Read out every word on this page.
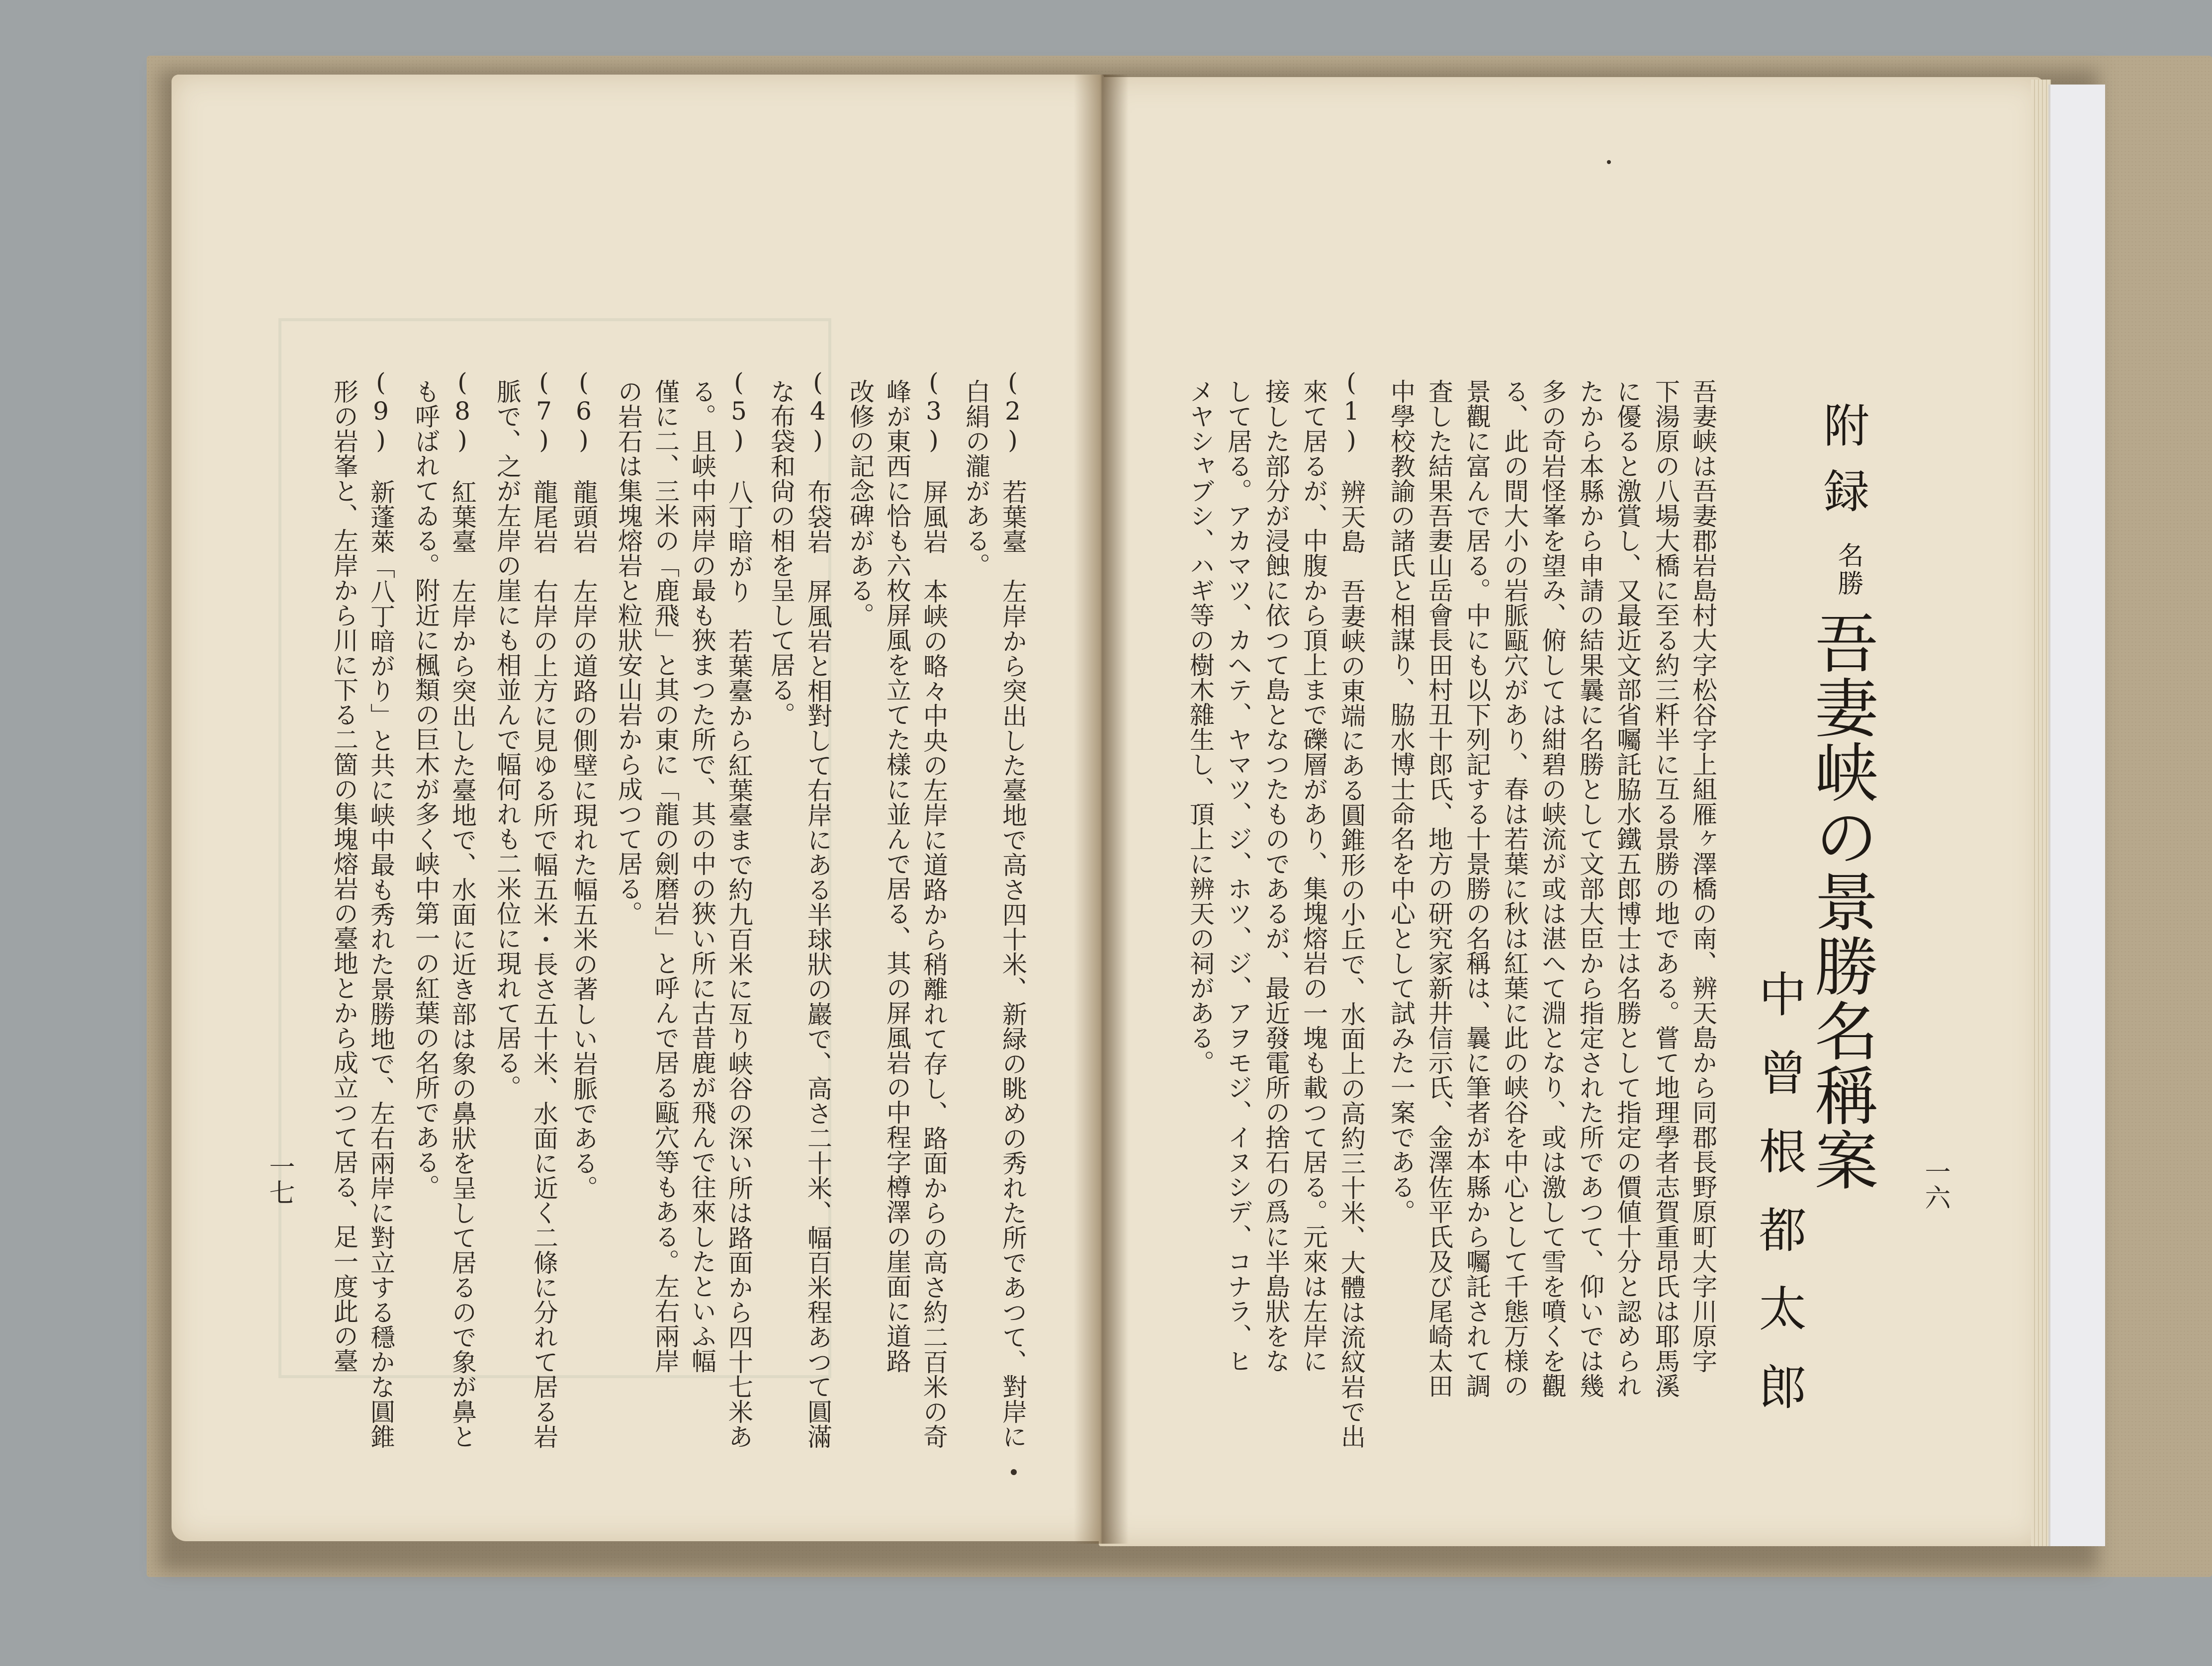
附録
名勝
吾妻峡の景勝名稱案
中曾根都太郎	一六
吾妻峡は吾妻郡岩島村大字松谷字上組雁ヶ澤橋の南、辨天島から同郡長野原町大字川原字
下湯原の八場大橋に至る約三粁半に互る景勝の地である。嘗て地理學者志賀重昂氏は耶馬溪
に優ると激賞し、又最近文部省囑託脇水鐵五郎博士は名勝として指定の價値十分と認められ
たから本縣から申請の結果曩に名勝として文部大臣から指定された所であつて、仰いでは幾
多の奇岩怪峯を望み、俯しては紺碧の峡流が或は湛へて淵となり、或は激して雪を噴くを觀
る、此の間大小の岩脈甌穴があり、春は若葉に秋は紅葉に此の峡谷を中心として千態万様の
景觀に富んで居る。中にも以下列記する十景勝の名稱は、曩に筆者が本縣から囑託されて調
査した結果吾妻山岳會長田村丑十郎氏、地方の研究家新井信示氏、金澤佐平氏及び尾崎太田
中學校教諭の諸氏と相謀り、脇水博士命名を中心として試みた一案である。
(1)　辨天島　吾妻峡の東端にある圓錐形の小丘で、水面上の高約三十米、大體は流紋岩で出
來て居るが、中腹から頂上まで礫層があり、集塊熔岩の一塊も載つて居る。元來は左岸に
接した部分が浸蝕に依つて島となつたものであるが、最近發電所の捨石の爲に半島狀をな
して居る。アカマツ、カヘテ、ヤマツ、ジ、ホツ、ジ、アヲモジ、イヌシデ、コナラ、ヒ
メヤシャブシ、ハギ等の樹木雜生し、頂上に辨天の祠がある。
(2)　若葉臺　左岸から突出した臺地で高さ四十米、新緑の眺めの秀れた所であつて、對岸に
白絹の瀧がある。
(3)　屏風岩　本峡の略々中央の左岸に道路から稍離れて存し、路面からの高さ約二百米の奇
峰が東西に恰も六枚屏風を立てた樣に並んで居る、其の屏風岩の中程字樽澤の崖面に道路
改修の記念碑がある。
(4)　布袋岩　屏風岩と相對して右岸にある半球狀の巖で、高さ二十米、幅百米程あつて圓滿
な布袋和尙の相を呈して居る。
(5)　八丁暗がり　若葉臺から紅葉臺まで約九百米に亙り峡谷の深い所は路面から四十七米あ
る。且峡中兩岸の最も狹まつた所で、其の中の狹い所に古昔鹿が飛んで往來したといふ幅
僅に二、三米の「鹿飛」と其の東に「龍の劍磨岩」と呼んで居る甌穴等もある。左右兩岸
の岩石は集塊熔岩と粒狀安山岩から成つて居る。
(6)　龍頭岩　左岸の道路の側壁に現れた幅五米の著しい岩脈である。
(7)　龍尾岩　右岸の上方に見ゆる所で幅五米・長さ五十米、水面に近く二條に分れて居る岩
脈で、之が左岸の崖にも相並んで幅何れも二米位に現れて居る。
(8)　紅葉臺　左岸から突出した臺地で、水面に近き部は象の鼻狀を呈して居るので象が鼻と
も呼ばれてゐる。附近に楓類の巨木が多く峡中第一の紅葉の名所である。
(9)　新蓬萊「八丁暗がり」と共に峡中最も秀れた景勝地で、左右兩岸に對立する穩かな圓錐
形の岩峯と、左岸から川に下る二箇の集塊熔岩の臺地とから成立つて居る、足一度此の臺
一七
